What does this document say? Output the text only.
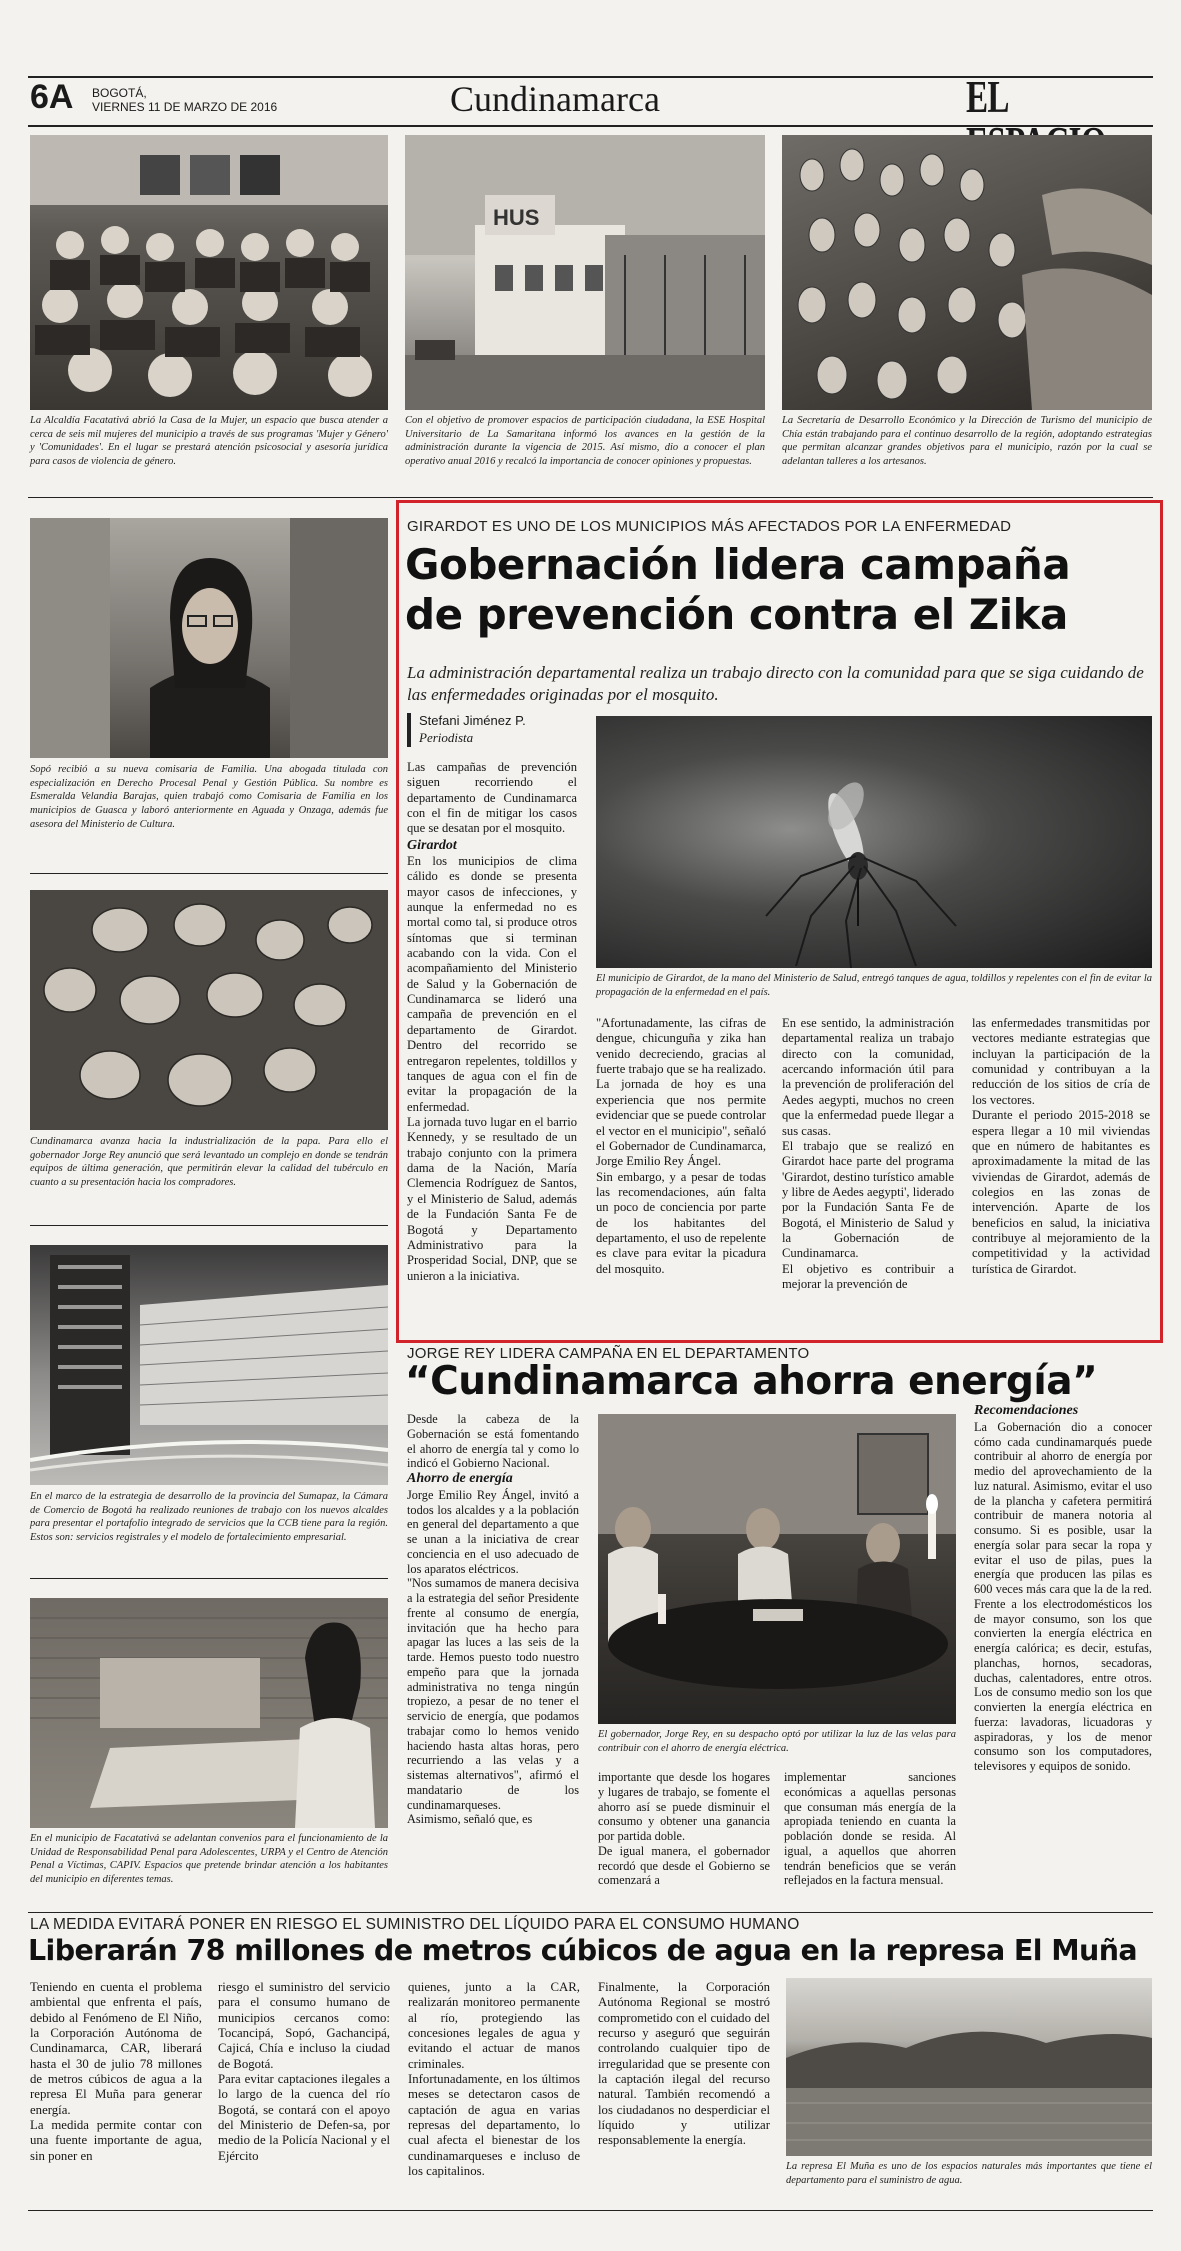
6A BOGOTÁ,
VIERNES 11 DE MARZO DE 2016	Cundinamarca	EL
La Alcaldía Facatativá abrió la Casa de la Mujer, un espacio que busca atender a cerca de seis mil mujeres del municipio a través de sus programas 'Mujer y Género' y 'Comunidades'. En el lugar se prestará atención psicosocial y asesoría jurídica para casos de violencia de género.
HUS
Con el objetivo de promover espacios de participación ciudadana, la ESE Hospital Universitario de La Samaritana informó los avances en la gestión de la administración durante la vigencia de 2015. Así mismo, dio a conocer el plan operativo anual 2016 y recalcó la importancia de conocer opiniones y propuestas.
La Secretaría de Desarrollo Económico y la Dirección de Turismo del municipio de Chía están trabajando para el continuo desarrollo de la región, adoptando estrategias que permitan alcanzar grandes objetivos para el municipio, razón por la cual se adelantan talleres a los artesanos.
Sopó recibió a su nueva comisaria de Familia. Una abogada titulada con especialización en Derecho Procesal Penal y Gestión Pública. Su nombre es Esmeralda Velandia Barajas, quien trabajó como Comisaria de Familia en los municipios de Guasca y laboró anteriormente en Aguada y Onzaga, además fue asesora del Ministerio de Cultura.
Cundinamarca avanza hacia la industrialización de la papa. Para ello el gobernador Jorge Rey anunció que será levantado un complejo en donde se tendrán equipos de última generación, que permitirán elevar la calidad del tubérculo en cuanto a su presentación hacia los compradores.
En el marco de la estrategia de desarrollo de la provincia del Sumapaz, la Cámara de Comercio de Bogotá ha realizado reuniones de trabajo con los nuevos alcaldes para presentar el portafolio integrado de servicios que la CCB tiene para la región. Estos son: servicios registrales y el modelo de fortalecimiento empresarial.
En el municipio de Facatativá se adelantan convenios para el funcionamiento de la Unidad de Responsabilidad Penal para Adolescentes, URPA y el Centro de Atención Penal a Víctimas, CAPIV. Espacios que pretende brindar atención a los habitantes del municipio en diferentes temas.
GIRARDOT ES UNO DE LOS MUNICIPIOS MÁS AFECTADOS POR LA ENFERMEDAD
Gobernación lidera campaña
de prevención contra el Zika
La administración departamental realiza un trabajo directo con la comunidad para que se siga cuidando de las enfermedades originadas por el mosquito.
Stefani Jiménez P.
Periodista

Las campañas de prevención siguen recorriendo el departamento de Cundinamarca con el fin de mitigar los casos que se desatan por el mosquito.

Girardot

En los municipios de clima cálido es donde se presenta mayor casos de infecciones, y aunque la enfermedad no es mortal como tal, si produce otros síntomas que si terminan acabando con la vida. Con el acompañamiento del Ministerio de Salud y la Gobernación de Cundinamarca se lideró una campaña de prevención en el departamento de Girardot. Dentro del recorrido se entregaron repelentes, toldillos y tanques de agua con el fin de evitar la propagación de la enfermedad.

La jornada tuvo lugar en el barrio Kennedy, y se resultado de un trabajo conjunto con la primera dama de la Nación, María Clemencia Rodríguez de Santos, y el Ministerio de Salud, además de la Fundación Santa Fe de Bogotá y Departamento Administrativo para la Prosperidad Social, DNP, que se unieron a la iniciativa.

El municipio de Girardot, de la mano del Ministerio de Salud, entregó tanques de agua, toldillos y repelentes con el fin de evitar la propagación de la enfermedad en el país.

"Afortunadamente, las cifras de dengue, chicunguña y zika han venido decreciendo, gracias al fuerte trabajo que se ha realizado. La jornada de hoy es una experiencia que nos permite evidenciar que se puede controlar el vector en el municipio", señaló el Gobernador de Cundinamarca, Jorge Emilio Rey Ángel.

Sin embargo, y a pesar de todas las recomendaciones, aún falta un poco de conciencia por parte de los habitantes del departamento, el uso de repelente es clave para evitar la picadura del mosquito.

En ese sentido, la administración departamental realiza un trabajo directo con la comunidad, acercando información útil para la prevención de proliferación del Aedes aegypti, muchos no creen que la enfermedad puede llegar a sus casas.

El trabajo que se realizó en Girardot hace parte del programa 'Girardot, destino turístico amable y libre de Aedes aegypti', liderado por la Fundación Santa Fe de Bogotá, el Ministerio de Salud y la Gobernación de Cundinamarca.

El objetivo es contribuir a mejorar la prevención de

las enfermedades transmitidas por vectores mediante estrategias que incluyan la participación de la comunidad y contribuyan a la reducción de los sitios de cría de los vectores.

Durante el periodo 2015-2018 se espera llegar a 10 mil viviendas que en número de habitantes es aproximadamente la mitad de las viviendas de Girardot, además de colegios en las zonas de intervención. Aparte de los beneficios en salud, la iniciativa contribuye al mejoramiento de la competitividad y la actividad turística de Girardot.

JORGE REY LIDERA CAMPAÑA EN EL DEPARTAMENTO
“Cundinamarca ahorra energía”

Desde la cabeza de la Gobernación se está fomentando el ahorro de energía tal y como lo indicó el Gobierno Nacional.

Ahorro de energía

Jorge Emilio Rey Ángel, invitó a todos los alcaldes y a la población en general del departamento a que se unan a la iniciativa de crear conciencia en el uso adecuado de los aparatos eléctricos.

"Nos sumamos de manera decisiva a la estrategia del señor Presidente frente al consumo de energía, invitación que ha hecho para apagar las luces a las seis de la tarde. Hemos puesto todo nuestro empeño para que la jornada administrativa no tenga ningún tropiezo, a pesar de no tener el servicio de energía, que podamos trabajar como lo hemos venido haciendo hasta altas horas, pero recurriendo a las velas y a sistemas alternativos", afirmó el mandatario de los cundinamarqueses.

Asimismo, señaló que, es

El gobernador, Jorge Rey, en su despacho optó por utilizar la luz de las velas para contribuir con el ahorro de energía eléctrica.

importante que desde los hogares y lugares de trabajo, se fomente el ahorro así se puede disminuir el consumo y obtener una ganancia por partida doble.

De igual manera, el gobernador recordó que desde el Gobierno se comenzará a

implementar sanciones económicas a aquellas personas que consuman más energía de la apropiada teniendo en cuanta la población donde se resida. Al igual, a aquellos que ahorren tendrán beneficios que se verán reflejados en la factura mensual.

Recomendaciones

La Gobernación dio a conocer cómo cada cundinamarqués puede contribuir al ahorro de energía por medio del aprovechamiento de la luz natural. Asimismo, evitar el uso de la plancha y cafetera permitirá contribuir de manera notoria al consumo. Si es posible, usar la energía solar para secar la ropa y evitar el uso de pilas, pues la energía que producen las pilas es 600 veces más cara que la de la red. Frente a los electrodomésticos los de mayor consumo, son los que convierten la energía eléctrica en energía calórica; es decir, estufas, planchas, hornos, secadoras, duchas, calentadores, entre otros. Los de consumo medio son los que convierten la energía eléctrica en fuerza: lavadoras, licuadoras y aspiradoras, y los de menor consumo son los computadores, televisores y equipos de sonido.

LA MEDIDA EVITARÁ PONER EN RIESGO EL SUMINISTRO DEL LÍQUIDO PARA EL CONSUMO HUMANO
Liberarán 78 millones de metros cúbicos de agua en la represa El Muña

Teniendo en cuenta el problema ambiental que enfrenta el país, debido al Fenómeno de El Niño, la Corporación Autónoma de Cundinamarca, CAR, liberará hasta el 30 de julio 78 millones de metros cúbicos de agua a la represa El Muña para generar energía.

La medida permite contar con una fuente importante de agua, sin poner en

riesgo el suministro del servicio para el consumo humano de municipios cercanos como: Tocancipá, Sopó, Gachancipá, Cajicá, Chía e incluso la ciudad de Bogotá.

Para evitar captaciones ilegales a lo largo de la cuenca del río Bogotá, se contará con el apoyo del Ministerio de Defen-sa, por medio de la Policía Nacional y el Ejército

quienes, junto a la CAR, realizarán monitoreo permanente al río, protegiendo las concesiones legales de agua y evitando el actuar de manos criminales.

Infortunadamente, en los últimos meses se detectaron casos de captación de agua en varias represas del departamento, lo cual afecta el bienestar de los cundinamarqueses e incluso de los capitalinos.

Finalmente, la Corporación Autónoma Regional se mostró comprometido con el cuidado del recurso y aseguró que seguirán controlando cualquier tipo de irregularidad que se presente con la captación ilegal del recurso natural. También recomendó a los ciudadanos no desperdiciar el líquido y utilizar responsablemente la energía.

La represa El Muña es uno de los espacios naturales más importantes que tiene el departamento para el suministro de agua.
